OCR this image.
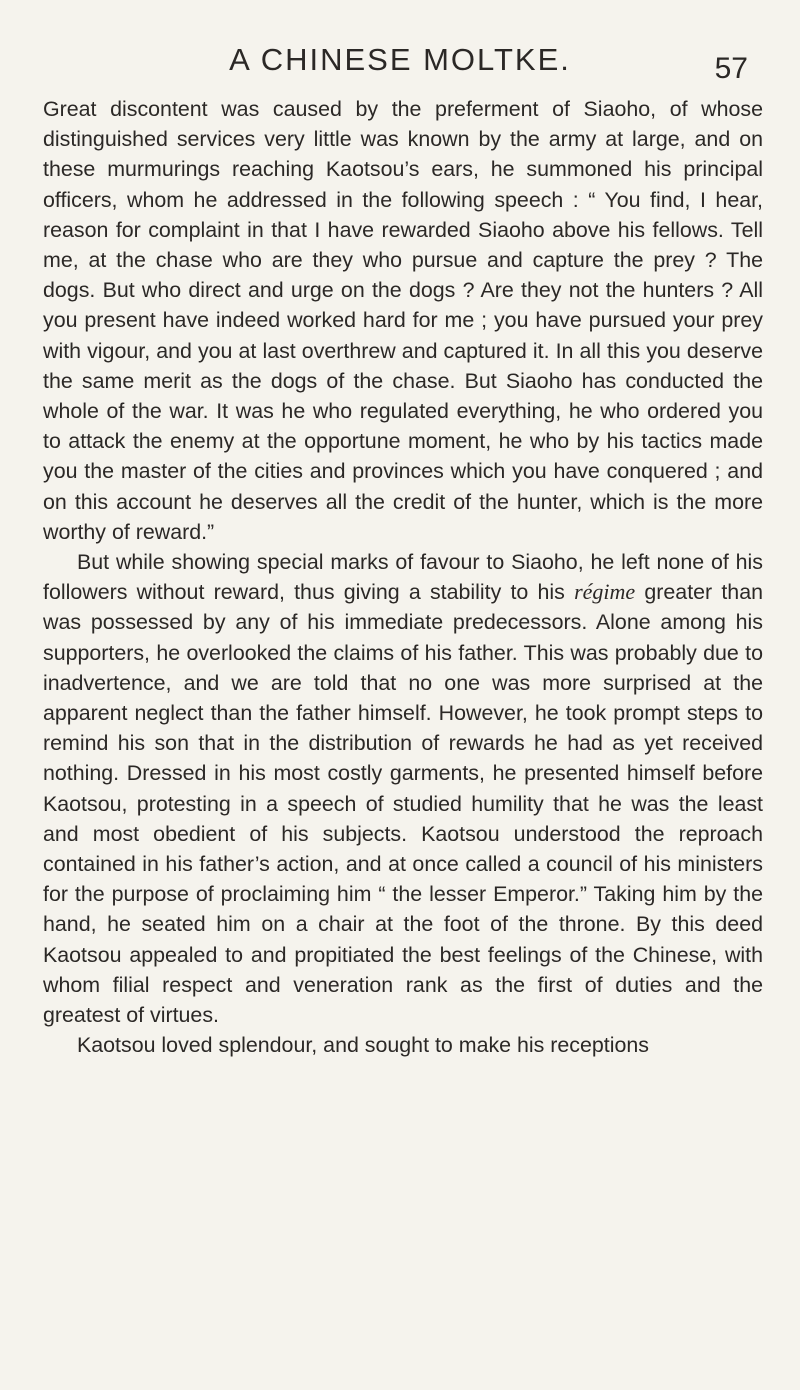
A CHINESE MOLTKE.	57

Great discontent was caused by the preferment of Siaoho, of whose distinguished services very little was known by the army at large, and on these murmurings reaching Kaotsou’s ears, he summoned his principal officers, whom he addressed in the following speech : “ You find, I hear, reason for complaint in that I have rewarded Siaoho above his fellows. Tell me, at the chase who are they who pursue and capture the prey ? The dogs. But who direct and urge on the dogs ? Are they not the hunters ? All you present have indeed worked hard for me ; you have pursued your prey with vigour, and you at last overthrew and captured it. In all this you deserve the same merit as the dogs of the chase. But Siaoho has conducted the whole of the war. It was he who regulated everything, he who ordered you to attack the enemy at the opportune moment, he who by his tactics made you the master of the cities and provinces which you have conquered ; and on this account he deserves all the credit of the hunter, which is the more worthy of reward.”

But while showing special marks of favour to Siaoho, he left none of his followers without reward, thus giving a stability to his régime greater than was possessed by any of his immediate predecessors. Alone among his supporters, he overlooked the claims of his father. This was probably due to inadvertence, and we are told that no one was more surprised at the apparent neglect than the father himself. However, he took prompt steps to remind his son that in the distribution of rewards he had as yet received nothing. Dressed in his most costly garments, he presented himself before Kaotsou, protesting in a speech of studied humility that he was the least and most obedient of his subjects. Kaotsou understood the reproach contained in his father’s action, and at once called a council of his ministers for the purpose of proclaiming him “ the lesser Emperor.” Taking him by the hand, he seated him on a chair at the foot of the throne. By this deed Kaotsou appealed to and propitiated the best feelings of the Chinese, with whom filial respect and veneration rank as the first of duties and the greatest of virtues.

Kaotsou loved splendour, and sought to make his receptions
